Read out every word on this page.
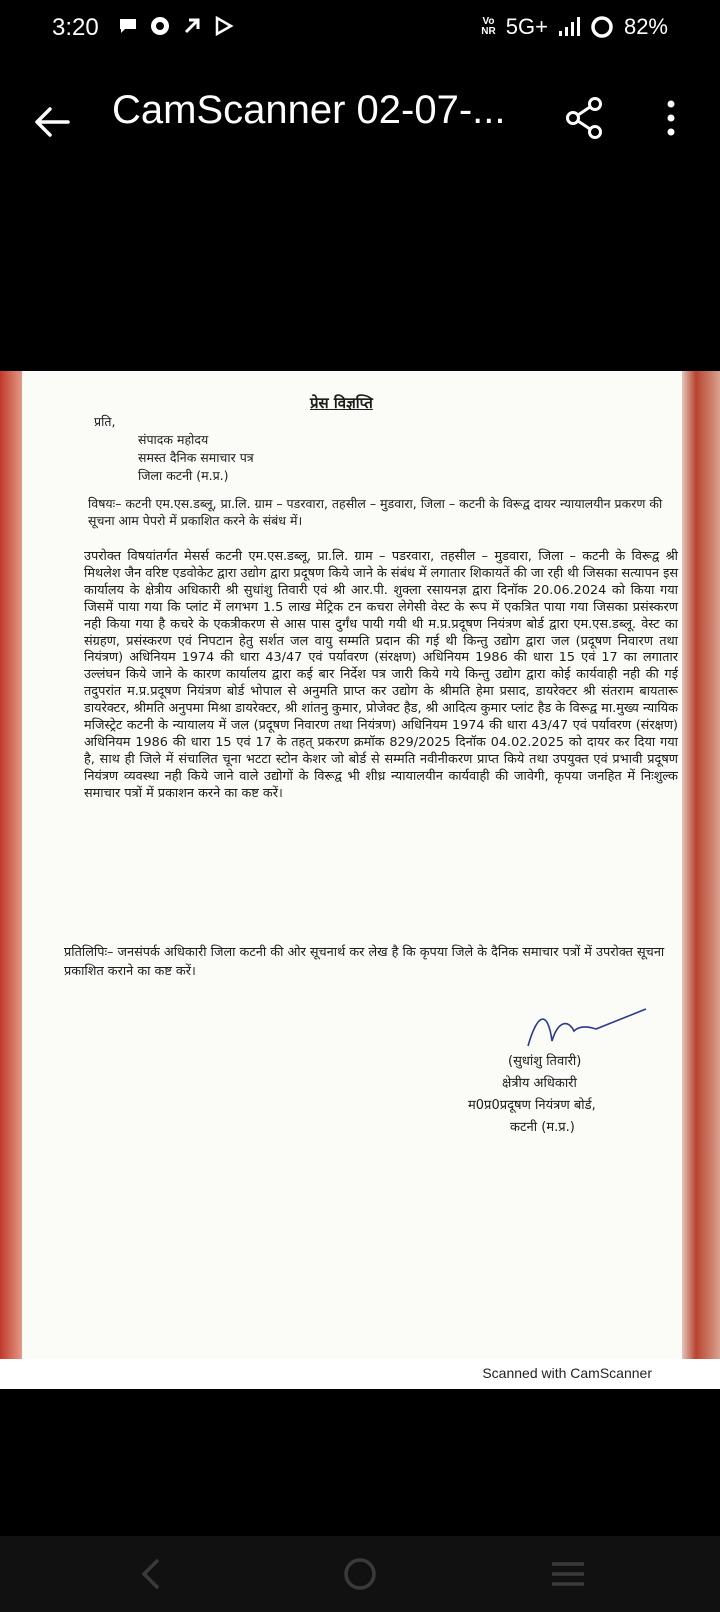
3:20	Vo
NR 5G+	82%
CamScanner 02-07-...
Scanned with CamScanner
प्रेस विज्ञप्ति
प्रति,
संपादक महोदय
समस्त दैनिक समाचार पत्र
जिला कटनी (म.प्र.)
विषयः– कटनी एम.एस.डब्लू, प्रा.लि. ग्राम – पडरवारा, तहसील – मुडवारा, जिला – कटनी के विरूद्व दायर न्यायालयीन प्रकरण की सूचना आम पेपरो में प्रकाशित करने के संबंध में।
उपरोक्त विषयांतर्गत मेसर्स कटनी एम.एस.डब्लू, प्रा.लि. ग्राम – पडरवारा, तहसील – मुडवारा, जिला – कटनी के विरूद्व श्री मिथलेश जैन वरिष्ट एडवोकेट द्वारा उद्योग द्वारा प्रदूषण किये जाने के संबंध में लगातार शिकायतें की जा रही थी जिसका सत्यापन इस कार्यालय के क्षेत्रीय अधिकारी श्री सुधांशु तिवारी एवं श्री आर.पी. शुक्ला रसायनज्ञ द्वारा दिनॉक 20.06.2024 को किया गया जिसमें पाया गया कि प्लांट में लगभग 1.5 लाख मेट्रिक टन कचरा लेगेसी वेस्ट के रूप में एकत्रित पाया गया जिसका प्रसंस्करण नही किया गया है कचरे के एकत्रीकरण से आस पास दुर्गंध पायी गयी थी म.प्र.प्रदूषण नियंत्रण बोर्ड द्वारा एम.एस.डब्लू. वेस्ट का संग्रहण, प्रसंस्करण एवं निपटान हेतु सर्शत जल वायु सम्मति प्रदान की गई थी किन्तु उद्योग द्वारा जल (प्रदूषण निवारण तथा नियंत्रण) अधिनियम 1974 की धारा 43/47 एवं पर्यावरण (संरक्षण) अधिनियम 1986 की धारा 15 एवं 17 का लगातार उल्लंघन किये जाने के कारण कार्यालय द्वारा कई बार निर्देश पत्र जारी किये गये किन्तु उद्योग द्वारा कोई कार्यवाही नही की गई तदुपरांत म.प्र.प्रदूषण नियंत्रण बोर्ड भोपाल से अनुमति प्राप्त कर उद्योग के श्रीमति हेमा प्रसाद, डायरेक्टर श्री संतराम बायतारू डायरेक्टर, श्रीमति अनुपमा मिश्रा डायरेक्टर, श्री शांतनु कुमार, प्रोजेक्ट हैड, श्री आदित्य कुमार प्लांट हैड के विरूद्व मा.मुख्य न्यायिक मजिस्ट्रेट कटनी के न्यायालय में जल (प्रदूषण निवारण तथा नियंत्रण) अधिनियम 1974 की धारा 43/47 एवं पर्यावरण (संरक्षण) अधिनियम 1986 की धारा 15 एवं 17 के तहत् प्रकरण क्रमॉक 829/2025 दिनॉक 04.02.2025 को दायर कर दिया गया है, साथ ही जिले में संचालित चूना भटटा स्टोन केशर जो बोर्ड से सम्मति नवीनीकरण प्राप्त किये तथा उपयुक्त एवं प्रभावी प्रदूषण नियंत्रण व्यवस्था नही किये जाने वाले उद्योगों के विरूद्व भी शीध्र न्यायालयीन कार्यवाही की जावेगी, कृपया जनहित में निःशुल्क समाचार पत्रों में प्रकाशन करने का कष्ट करें।
प्रतिलिपिः– जनसंपर्क अधिकारी जिला कटनी की ओर सूचनार्थ कर लेख है कि कृपया जिले के दैनिक समाचार पत्रों में उपरोक्त सूचना प्रकाशित कराने का कष्ट करें।
(सुधांशु तिवारी)
क्षेत्रीय अधिकारी
म0प्र0प्रदूषण नियंत्रण बोर्ड,
कटनी (म.प्र.)
